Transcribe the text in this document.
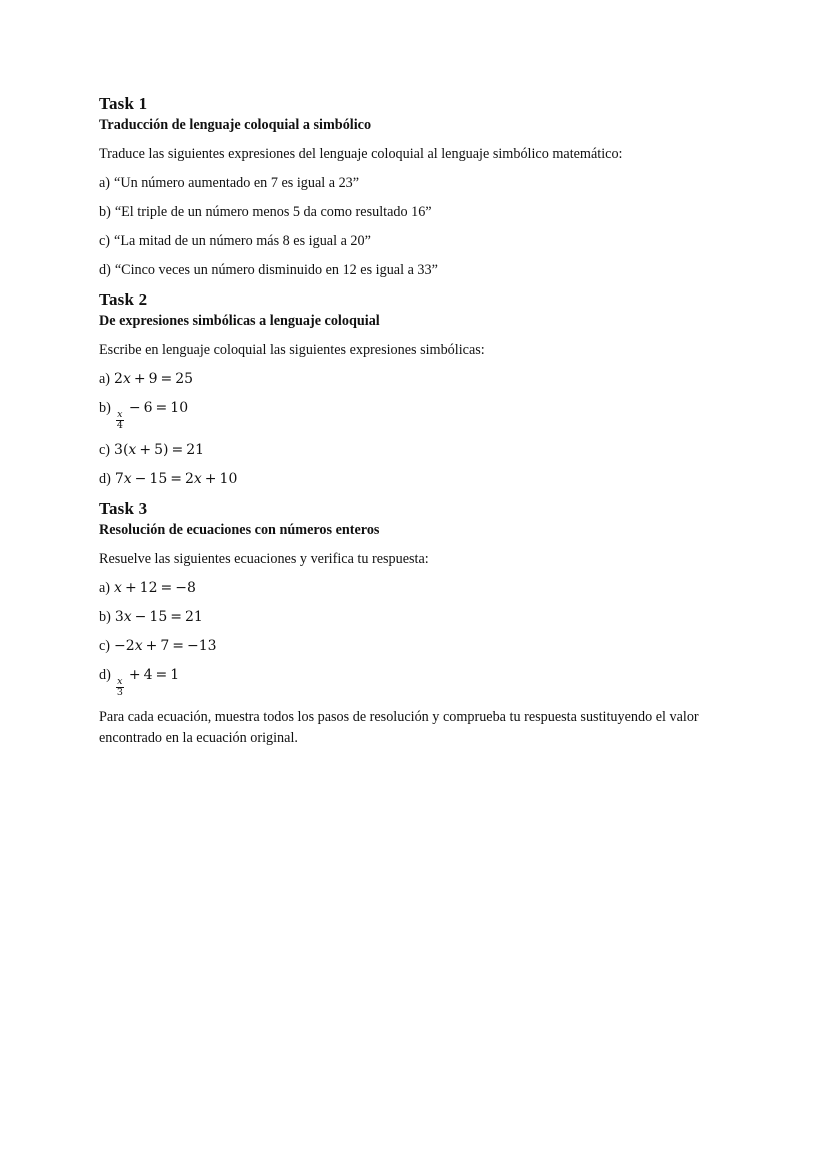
Task 1
Traducción de lenguaje coloquial a simbólico

Traduce las siguientes expresiones del lenguaje coloquial al lenguaje simbólico matemático:

a) “Un número aumentado en 7 es igual a 23”
b) “El triple de un número menos 5 da como resultado 16”
c) “La mitad de un número más 8 es igual a 20”
d) “Cinco veces un número disminuido en 12 es igual a 33”
Task 2
De expresiones simbólicas a lenguaje coloquial

Escribe en lenguaje coloquial las siguientes expresiones simbólicas:

a) 2x + 9 = 25
b)
$\frac{x}{4}$
− 6 = 10
c) 3(x + 5) = 21
d) 7x − 15 = 2x + 10
Task 3
Resolución de ecuaciones con números enteros

Resuelve las siguientes ecuaciones y verifica tu respuesta:

a) x + 12 = −8
b) 3x − 15 = 21
c) −2x + 7 = −13
d)
$\frac{x}{3}$
+ 4 = 1

Para cada ecuación, muestra todos los pasos de resolución y comprueba tu respuesta sustituyendo el valor encontrado en la ecuación original.
